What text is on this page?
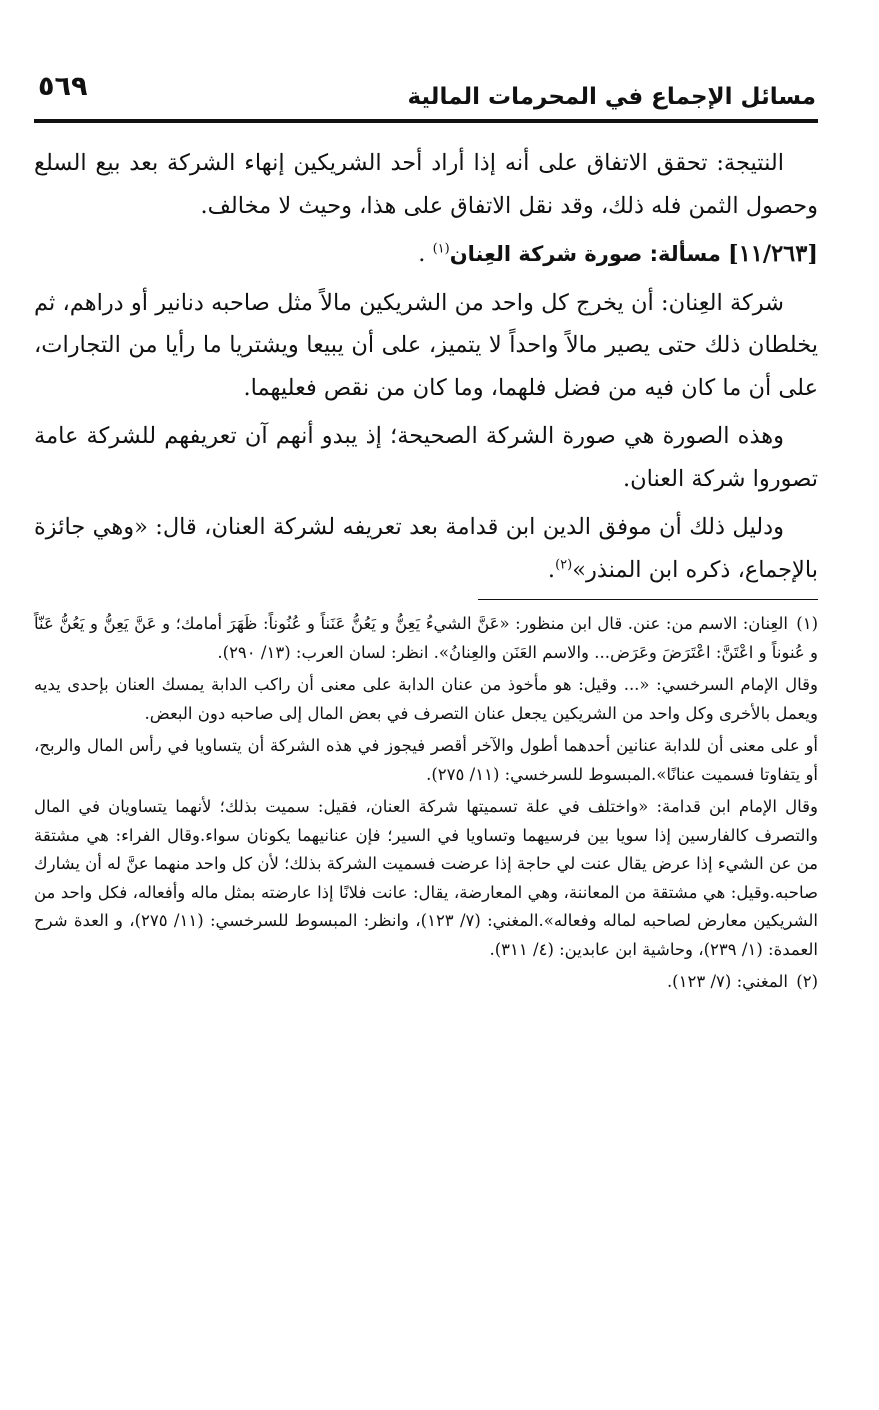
مسائل الإجماع في المحرمات المالية
٥٦٩

النتيجة: تحقق الاتفاق على أنه إذا أراد أحد الشريكين إنهاء الشركة بعد بيع السلع وحصول الثمن فله ذلك، وقد نقل الاتفاق على هذا، وحيث لا مخالف.

[١١/٢٦٣] مسألة: صورة شركة العِنان$^{(١)}$ .

شركة العِنان: أن يخرج كل واحد من الشريكين مالاً مثل صاحبه دنانير أو دراهم، ثم يخلطان ذلك حتى يصير مالاً واحداً لا يتميز، على أن يبيعا ويشتريا ما رأيا من التجارات، على أن ما كان فيه من فضل فلهما، وما كان من نقص فعليهما.

وهذه الصورة هي صورة الشركة الصحيحة؛ إذ يبدو أنهم آن تعريفهم للشركة عامة تصوروا شركة العنان.

ودليل ذلك أن موفق الدين ابن قدامة بعد تعريفه لشركة العنان، قال: «وهي جائزة بالإجماع، ذكره ابن المنذر»$^{(٢)}$.

(١)العِنان: الاسم من: عنن. قال ابن منظور: «عَنَّ الشيءُ يَعِنُّ و يَعُنُّ عَنَناً و عُنُوناً: ظَهَرَ أمامك؛ و عَنَّ يَعِنُّ و يَعُنُّ عَنّاً و عُنوناً و اعْتَنَّ: اعْتَرَضَ وعَرَض... والاسم العَنَن والعِنانُ». انظر: لسان العرب: (١٣/ ٢٩٠).

وقال الإمام السرخسي: «... وقيل: هو مأخوذ من عنان الدابة على معنى أن راكب الدابة يمسك العنان بإحدى يديه ويعمل بالأخرى وكل واحد من الشريكين يجعل عنان التصرف في بعض المال إلى صاحبه دون البعض.

أو على معنى أن للدابة عنانين أحدهما أطول والآخر أقصر فيجوز في هذه الشركة أن يتساويا في رأس المال والربح، أو يتفاوتا فسميت عنانًا».المبسوط للسرخسي: (١١/ ٢٧٥).

وقال الإمام ابن قدامة: «واختلف في علة تسميتها شركة العنان، فقيل: سميت بذلك؛ لأنهما يتساويان في المال والتصرف كالفارسين إذا سويا بين فرسيهما وتساويا في السير؛ فإن عنانيهما يكونان سواء.وقال الفراء: هي مشتقة من عن الشيء إذا عرض يقال عنت لي حاجة إذا عرضت فسميت الشركة بذلك؛ لأن كل واحد منهما عنَّ له أن يشارك صاحبه.وقيل: هي مشتقة من المعاننة، وهي المعارضة، يقال: عانت فلانًا إذا عارضته بمثل ماله وأفعاله، فكل واحد من الشريكين معارض لصاحبه لماله وفعاله».المغني: (٧/ ١٢٣)، وانظر: المبسوط للسرخسي: (١١/ ٢٧٥)، و العدة شرح العمدة: (١/ ٢٣٩)، وحاشية ابن عابدين: (٤/ ٣١١).

(٢)المغني: (٧/ ١٢٣).
